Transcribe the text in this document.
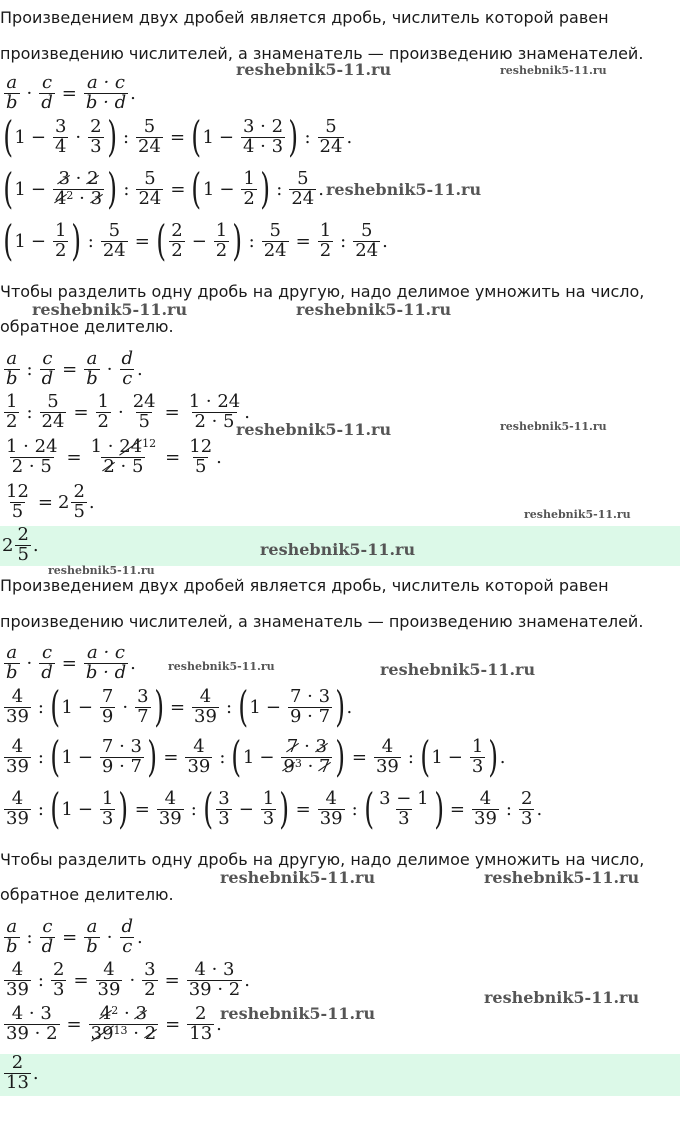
Произведением двух дробей является дробь, числитель которой равен
произведению числителей, а знаменатель — произведению знаменателей.
$\frac{a}{b} \cdot \frac{c}{d} = \frac{a \cdot c}{b \cdot d}$ .
( $1 - \frac{3}{4} \cdot \frac{2}{3}$ ) : $\frac{5}{24}$ = ( $1 - \frac{3 \cdot 2}{4 \cdot 3}$ ) : $\frac{5}{24}$ .
( $1 - \frac{3 \cdot 2}{4^2 \cdot 3}$ ) : $\frac{5}{24}$ = ( $1 - \frac{1}{2}$ ) : $\frac{5}{24}$ .
( $1 - \frac{1}{2}$ ) : $\frac{5}{24}$ = ( $\frac{2}{2} - \frac{1}{2}$ ) : $\frac{5}{24} = \frac{1}{2}$ : $\frac{5}{24}$ .
Чтобы разделить одну дробь на другую, надо делимое умножить на число,
обратное делителю.
$\frac{a}{b}$ : $\frac{c}{d} = \frac{a}{b} \cdot \frac{d}{c}$ .
$\frac{1}{2}$ : $\frac{5}{24} = \frac{1}{2} \cdot \frac{24}{5} = \frac{1 \cdot 24}{2 \cdot 5}$ .
$\frac{1 \cdot 24}{2 \cdot 5} = \frac{1 \cdot 24^{12}}{2 \cdot 5} = \frac{12}{5}$ .
$\frac{12}{5} = 2 \frac{2}{5}$ .
$2 \frac{2}{5}$ .
Произведением двух дробей является дробь, числитель которой равен
произведению числителей, а знаменатель — произведению знаменателей.
$\frac{a}{b} \cdot \frac{c}{d} = \frac{a \cdot c}{b \cdot d}$ .
$\frac{4}{39}$ : ( $1 - \frac{7}{9} \cdot \frac{3}{7}$ ) = $\frac{4}{39}$ : ( $1 - \frac{7 \cdot 3}{9 \cdot 7}$ ) .
$\frac{4}{39}$ : ( $1 - \frac{7 \cdot 3}{9 \cdot 7}$ ) = $\frac{4}{39}$ : ( $1 - \frac{7 \cdot 3}{9^3 \cdot 7}$ ) = $\frac{4}{39}$ : ( $1 - \frac{1}{3}$ ) .
$\frac{4}{39}$ : ( $1 - \frac{1}{3}$ ) = $\frac{4}{39}$ : ( $\frac{3}{3} - \frac{1}{3}$ ) = $\frac{4}{39}$ : ( $\frac{3 - 1}{3}$ ) = $\frac{4}{39}$ : $\frac{2}{3}$ .
Чтобы разделить одну дробь на другую, надо делимое умножить на число,
обратное делителю.
$\frac{a}{b}$ : $\frac{c}{d} = \frac{a}{b} \cdot \frac{d}{c}$ .
$\frac{4}{39}$ : $\frac{2}{3} = \frac{4}{39} \cdot \frac{3}{2} = \frac{4 \cdot 3}{39 \cdot 2}$ .
$\frac{4 \cdot 3}{39 \cdot 2} = \frac{4^2 \cdot 3}{39^{13} \cdot 2} = \frac{2}{13}$ .
$\frac{2}{13}$ .
reshebnik5-11.ru	reshebnik5-11.ru
reshebnik5-11.ru
reshebnik5-11.ru	reshebnik5-11.ru
reshebnik5-11.ru	reshebnik5-11.ru
reshebnik5-11.ru
reshebnik5-11.ru
reshebnik5-11.ru
reshebnik5-11.ru	reshebnik5-11.ru
reshebnik5-11.ru	reshebnik5-11.ru
reshebnik5-11.ru
reshebnik5-11.ru
